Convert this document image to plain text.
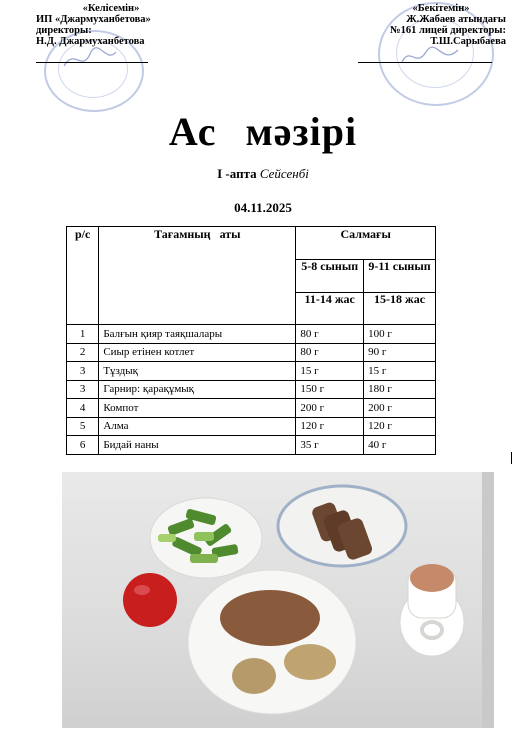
«Келісемін»
ИП «Джармуханбетова»
директоры:
Н.Д. Джармуханбетова
«Бекітемін»
Ж.Жабаев атындағы
№161 лицей директоры:
Т.Ш.Сарыбаева
Ас мәзірі
I -апта Сейсенбі
04.11.2025
р/с	Тағамның   аты	Салмағы	
		5-8 сынып	9-11 сынып
		11-14 жас	15-18 жас
1	Балғын қияр таяқшалары	80 г	100 г
2	Сиыр етінен котлет	80 г	90 г
3	Тұздық	15 г	15 г
3	Гарнир: қарақұмық	150 г	180 г
4	Компот	200 г	200 г
5	Алма	120 г	120 г
6	Бидай наны	35 г	40 г
